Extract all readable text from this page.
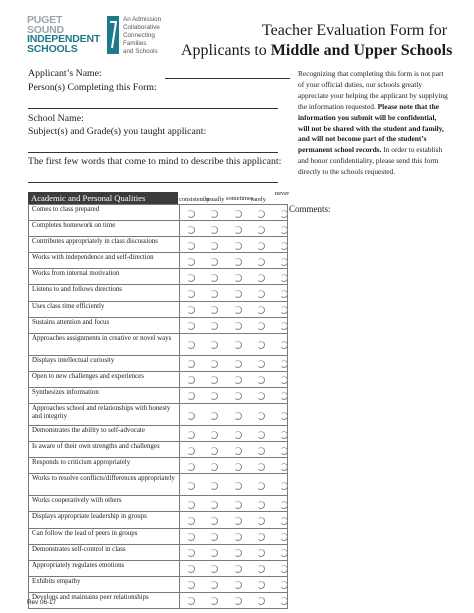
PUGET
SOUND
INDEPENDENT
SCHOOLS
An Admission
Collaborative
Connecting
Families
and Schools
Teacher Evaluation Form for
Applicants to Middle and Upper Schools
Applicant’s Name:
Person(s) Completing this Form:
School Name:
Subject(s) and Grade(s) you taught applicant:
The first few words that come to mind to describe this applicant:
Recognizing that completing this form is not part of your official duties, our schools greatly appreciate your helping the applicant by supplying the information requested. Please note that the information you submit will be confidential, will not be shared with the student and family, and will not become part of the student’s permanent school records. In order to establish and honor confidentiality, please send this form directly to the schools requested.
Academic and Personal Qualities	consistently
usually sometimes
rarely
never
Comes to class prepared
Completes homework on time
Contributes appropriately in class discussions
Works with independence and self-direction
Works from internal motivation
Listens to and follows directions
Uses class time efficiently
Sustains attention and focus
Approaches assignments in creative or novel ways
Displays intellectual curiosity
Open to new challenges and experiences
Synthesizes information
Approaches school and relationships with honesty and integrity
Demonstrates the ability to self-advocate
Is aware of their own strengths and challenges
Responds to criticism appropriately
Works to resolve conflicts/differences appropriately
Works cooperatively with others
Displays appropriate leadership in groups
Can follow the lead of peers in groups
Demonstrates self-control in class
Appropriately regulates emotions
Exhibits empathy
Develops and maintains peer relationships
Comments:
Rev 06-17
